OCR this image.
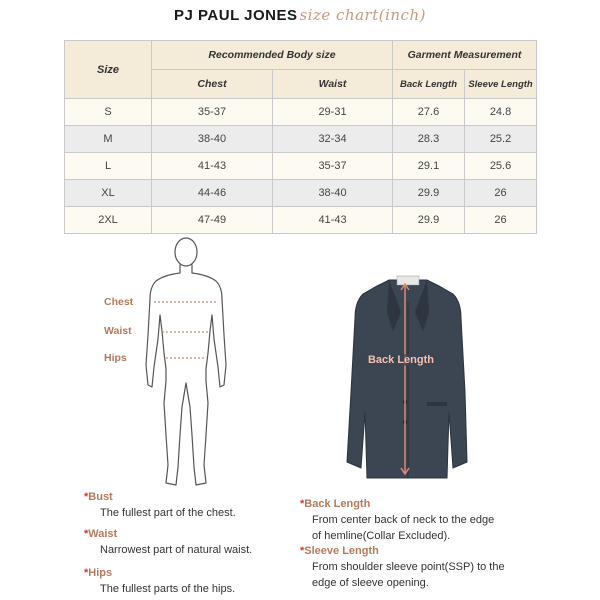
PJ PAUL JONES size chart(inch)
Size	Recommended Body size		Garment Measurement	
	Chest	Waist	Back Length	Sleeve Length
S	35-37	29-31	27.6	24.8
M	38-40	32-34	28.3	25.2
L	41-43	35-37	29.1	25.6
XL	44-46	38-40	29.9	26
2XL	47-49	41-43	29.9	26
Chest
Waist
Hips	Back Length
*Bust
The fullest part of the chest.
*Waist
Narrowest part of natural waist.
*Hips
The fullest parts of the hips.
*Back Length
From center back of neck to the edge
of hemline(Collar Excluded).
*Sleeve Length
From shoulder sleeve point(SSP) to the
edge of sleeve opening.
